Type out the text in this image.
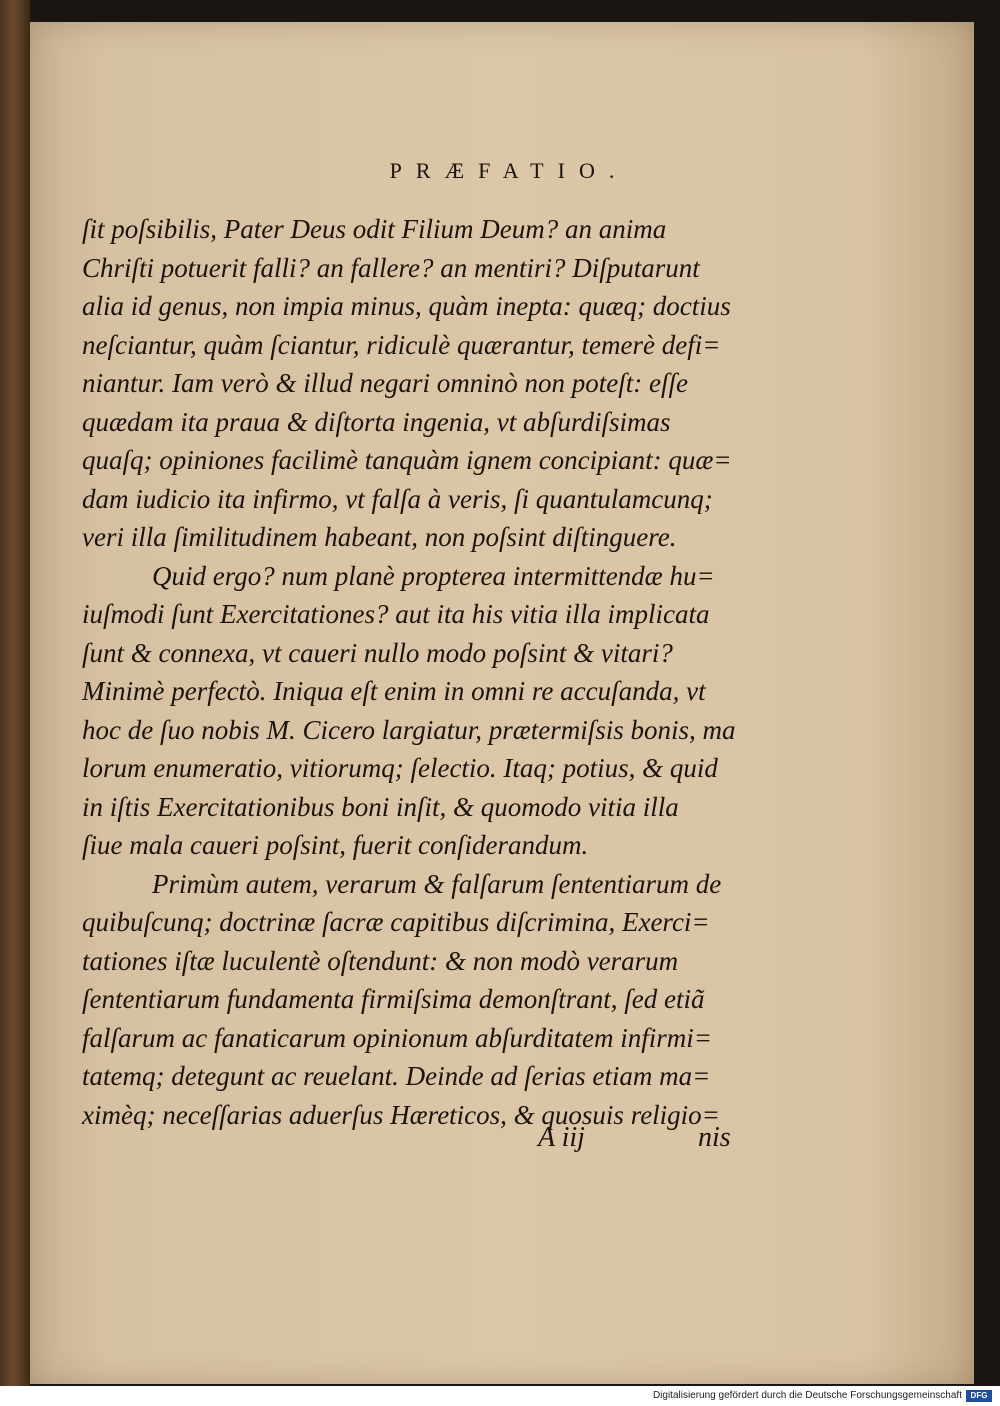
PRÆFATIO.
ſit poſsibilis, Pater Deus odit Filium Deum? an anima
Chriſti potuerit falli? an fallere? an mentiri? Diſputarunt
alia id genus, non impia minus, quàm inepta: quæq; doctius
neſciantur, quàm ſciantur, ridiculè quærantur, temerè defi=
niantur. Iam verò & illud negari omninò non poteſt: eſſe
quædam ita praua & diſtorta ingenia, vt abſurdiſsimas
quaſq; opiniones facilimè tanquàm ignem concipiant: quæ=
dam iudicio ita infirmo, vt falſa à veris, ſi quantulamcunq;
veri illa ſimilitudinem habeant, non poſsint diſtinguere.
Quid ergo? num planè propterea intermittendæ hu=
iuſmodi ſunt Exercitationes? aut ita his vitia illa implicata
ſunt & connexa, vt caueri nullo modo poſsint & vitari?
Minimè perfectò. Iniqua eſt enim in omni re accuſanda, vt
hoc de ſuo nobis M. Cicero largiatur, prætermiſsis bonis, ma
lorum enumeratio, vitiorumq; ſelectio. Itaq; potius, & quid
in iſtis Exercitationibus boni inſit, & quomodo vitia illa
ſiue mala caueri poſsint, fuerit conſiderandum.
Primùm autem, verarum & falſarum ſententiarum de
quibuſcunq; doctrinæ ſacræ capitibus diſcrimina, Exerci=
tationes iſtæ luculentè oſtendunt: & non modò verarum
ſententiarum fundamenta firmiſsima demonſtrant, ſed etiã
falſarum ac fanaticarum opinionum abſurditatem infirmi=
tatemq; detegunt ac reuelant. Deinde ad ſerias etiam ma=
ximèq; neceſſarias aduerſus Hæreticos, & quosuis religio=
A iij	nis
Digitalisierung gefördert durch die Deutsche Forschungsgemeinschaft	DFG
